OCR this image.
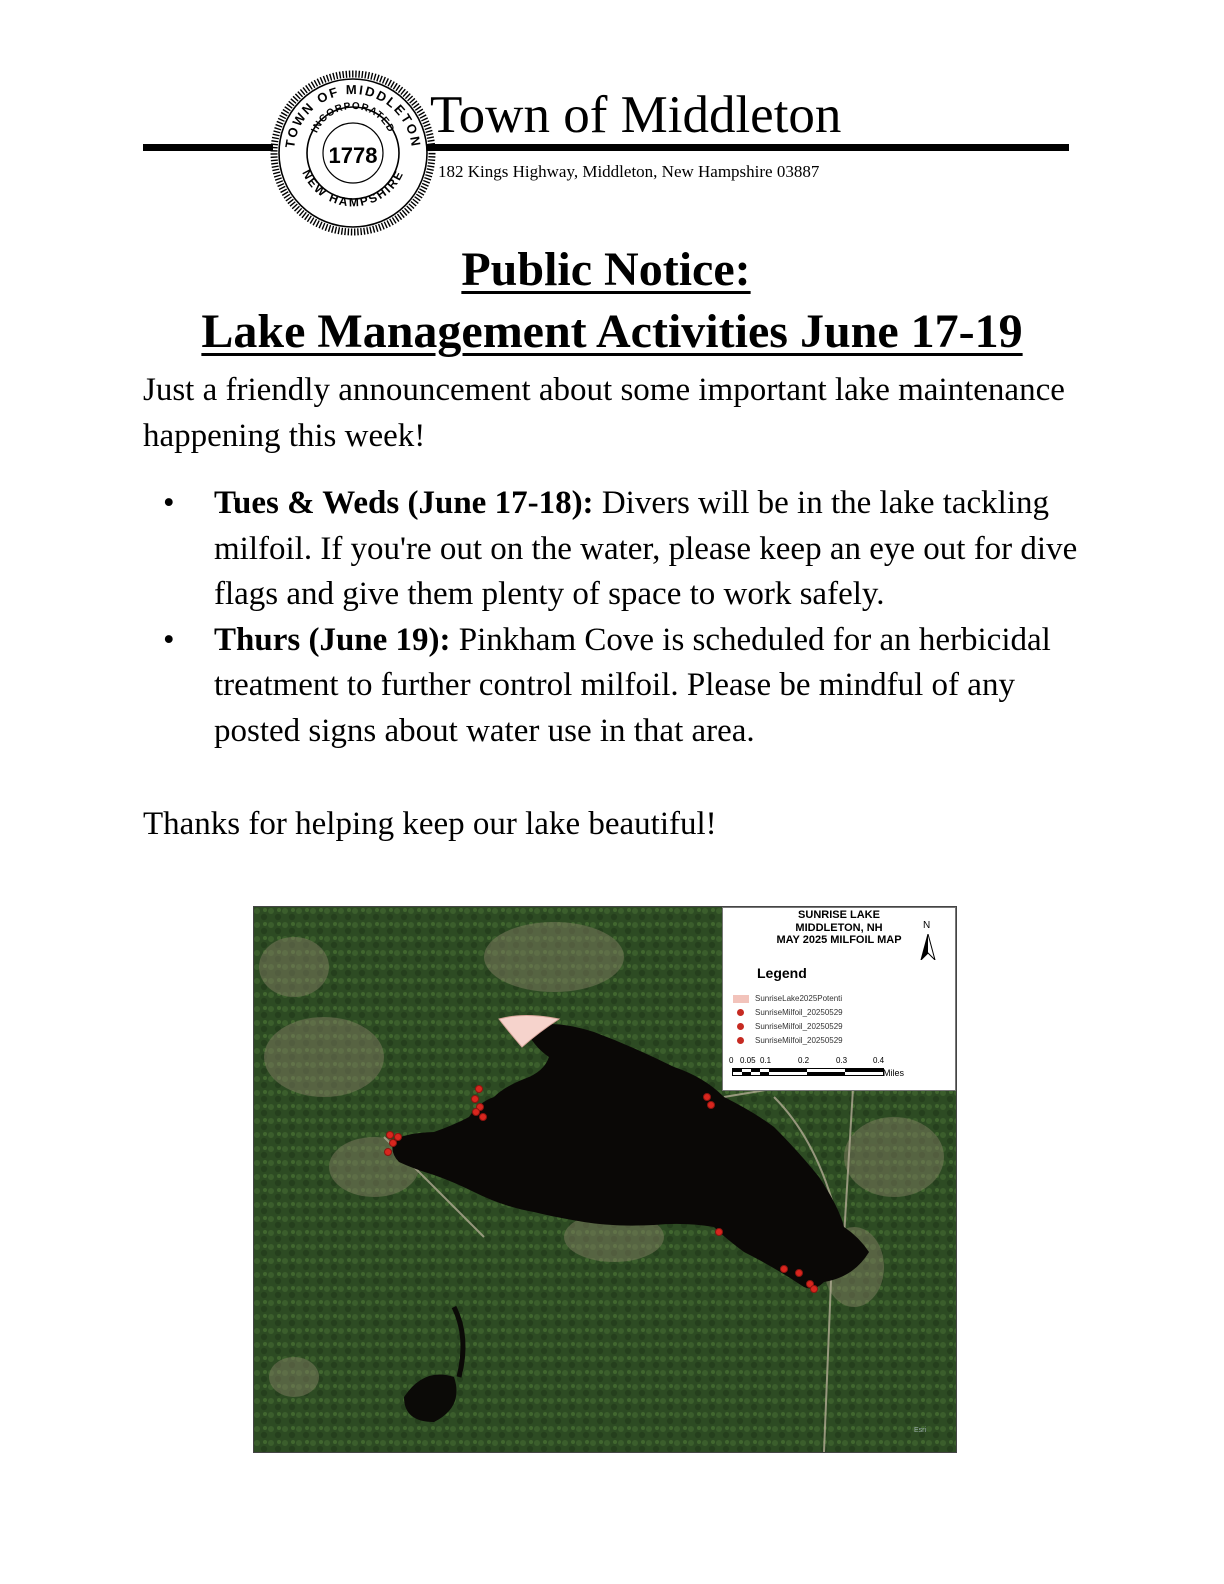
TOWN OF MIDDLETON
INCORPORATED
1778
NEW HAMPSHIRE
Town of Middleton
182 Kings Highway, Middleton, New Hampshire 03887
Public Notice:
Lake Management Activities June 17-19
Just a friendly announcement about some important lake maintenance happening this week!
• Tues & Weds (June 17-18): Divers will be in the lake tackling milfoil. If you're out on the water, please keep an eye out for dive flags and give them plenty of space to work safely.
• Thurs (June 19): Pinkham Cove is scheduled for an herbicidal treatment to further control milfoil. Please be mindful of any posted signs about water use in that area.
Thanks for helping keep our lake beautiful!
SUNRISE LAKE
MIDDLETON, NH
MAY 2025 MILFOIL MAP
N
Legend
SunriseLake2025Potenti
SunriseMilfoil_20250529
SunriseMilfoil_20250529
SunriseMilfoil_20250529
0 0.05 0.1	0.2	0.3	0.4
Miles
Esri
